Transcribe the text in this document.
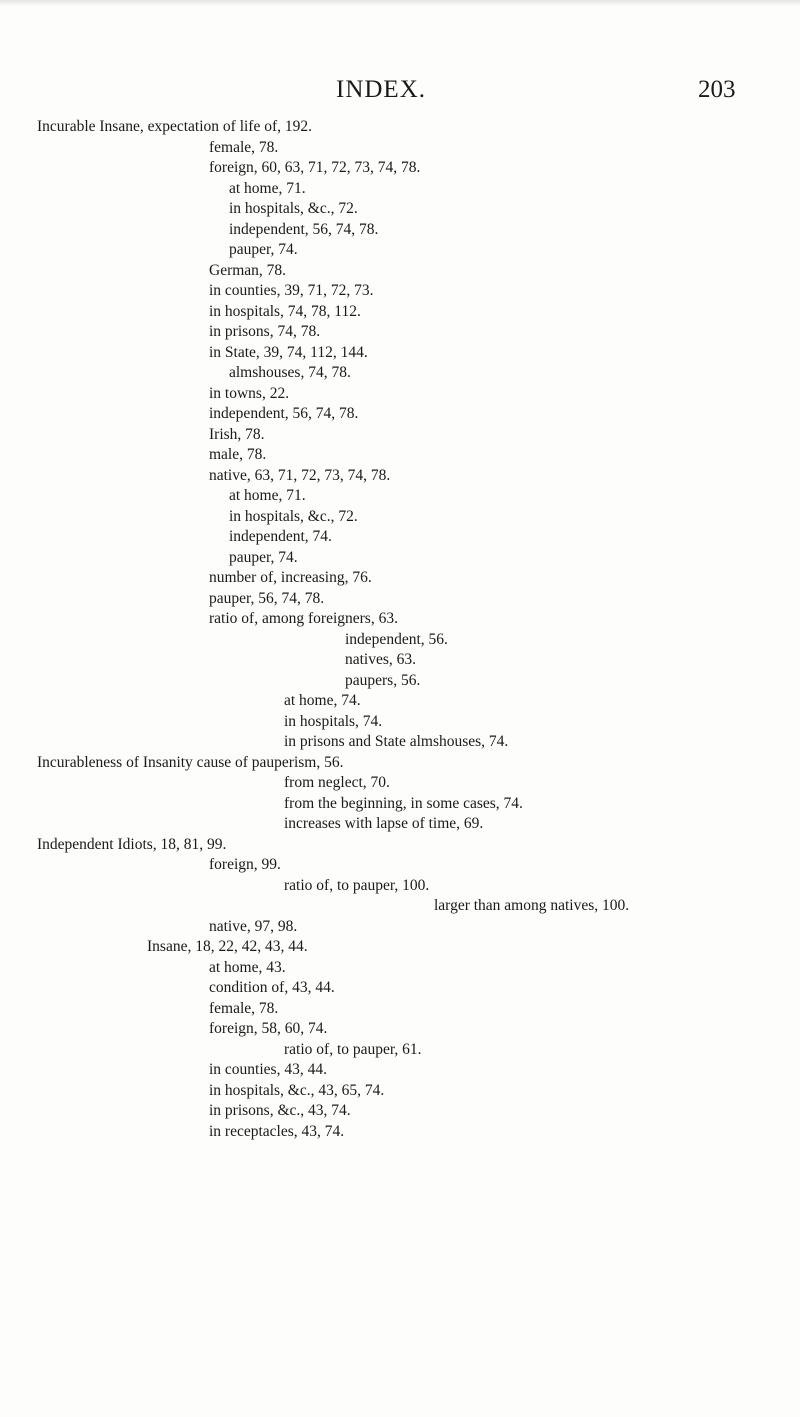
INDEX.	203
Incurable Insane, expectation of life of, 192.
female, 78.
foreign, 60, 63, 71, 72, 73, 74, 78.
at home, 71.
in hospitals, &c., 72.
independent, 56, 74, 78.
pauper, 74.
German, 78.
in counties, 39, 71, 72, 73.
in hospitals, 74, 78, 112.
in prisons, 74, 78.
in State, 39, 74, 112, 144.
almshouses, 74, 78.
in towns, 22.
independent, 56, 74, 78.
Irish, 78.
male, 78.
native, 63, 71, 72, 73, 74, 78.
at home, 71.
in hospitals, &c., 72.
independent, 74.
pauper, 74.
number of, increasing, 76.
pauper, 56, 74, 78.
ratio of, among foreigners, 63.
independent, 56.
natives, 63.
paupers, 56.
at home, 74.
in hospitals, 74.
in prisons and State almshouses, 74.
Incurableness of Insanity cause of pauperism, 56.
from neglect, 70.
from the beginning, in some cases, 74.
increases with lapse of time, 69.
Independent Idiots, 18, 81, 99.
foreign, 99.
ratio of, to pauper, 100.
larger than among natives, 100.
native, 97, 98.
Insane, 18, 22, 42, 43, 44.
at home, 43.
condition of, 43, 44.
female, 78.
foreign, 58, 60, 74.
ratio of, to pauper, 61.
in counties, 43, 44.
in hospitals, &c., 43, 65, 74.
in prisons, &c., 43, 74.
in receptacles, 43, 74.
